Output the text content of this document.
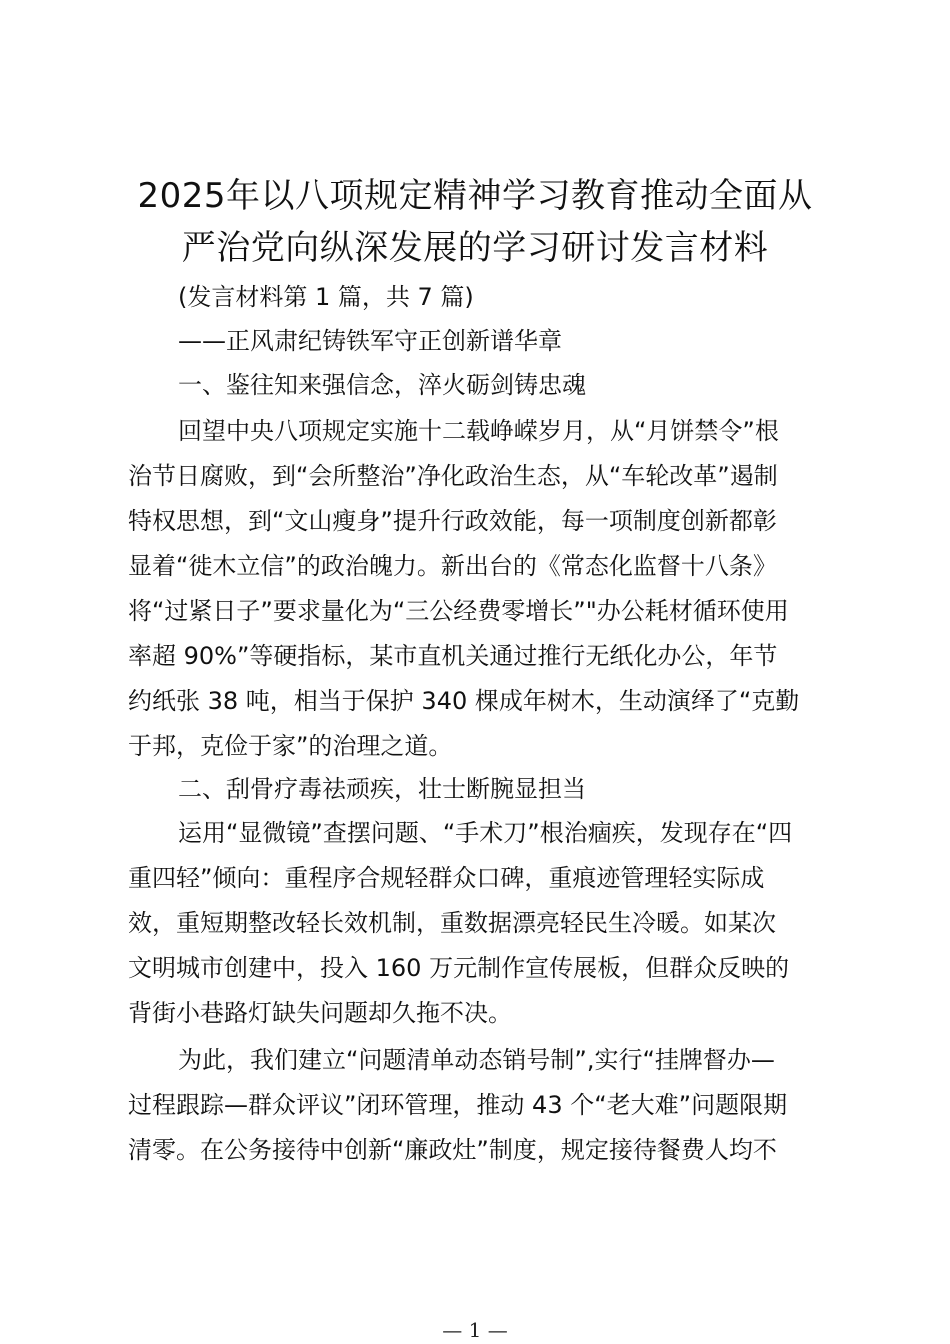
2025年以八项规定精神学习教育推动全面从
严治党向纵深发展的学习研讨发言材料
(发言材料第 1 篇，共 7 篇)
——正风肃纪铸铁军守正创新谱华章
一、鉴往知来强信念，淬火砺剑铸忠魂
回望中央八项规定实施十二载峥嵘岁月，从“月饼禁令”根
治节日腐败，到“会所整治”净化政治生态，从“车轮改革”遏制
特权思想，到“文山瘦身”提升行政效能，每一项制度创新都彰
显着“徙木立信”的政治魄力。新出台的《常态化监督十八条》
将“过紧日子”要求量化为“三公经费零增长”"办公耗材循环使用
率超 90%”等硬指标，某市直机关通过推行无纸化办公，年节
约纸张 38 吨，相当于保护 340 棵成年树木，生动演绎了“克勤
于邦，克俭于家”的治理之道。
二、刮骨疗毒祛顽疾，壮士断腕显担当
运用“显微镜”查摆问题、“手术刀”根治痼疾，发现存在“四
重四轻”倾向：重程序合规轻群众口碑，重痕迹管理轻实际成
效，重短期整改轻长效机制，重数据漂亮轻民生冷暖。如某次
文明城市创建中，投入 160 万元制作宣传展板，但群众反映的
背街小巷路灯缺失问题却久拖不决。
为此，我们建立“问题清单动态销号制”,实行“挂牌督办—
过程跟踪—群众评议”闭环管理，推动 43 个“老大难”问题限期
清零。在公务接待中创新“廉政灶”制度，规定接待餐费人均不
— 1 —
